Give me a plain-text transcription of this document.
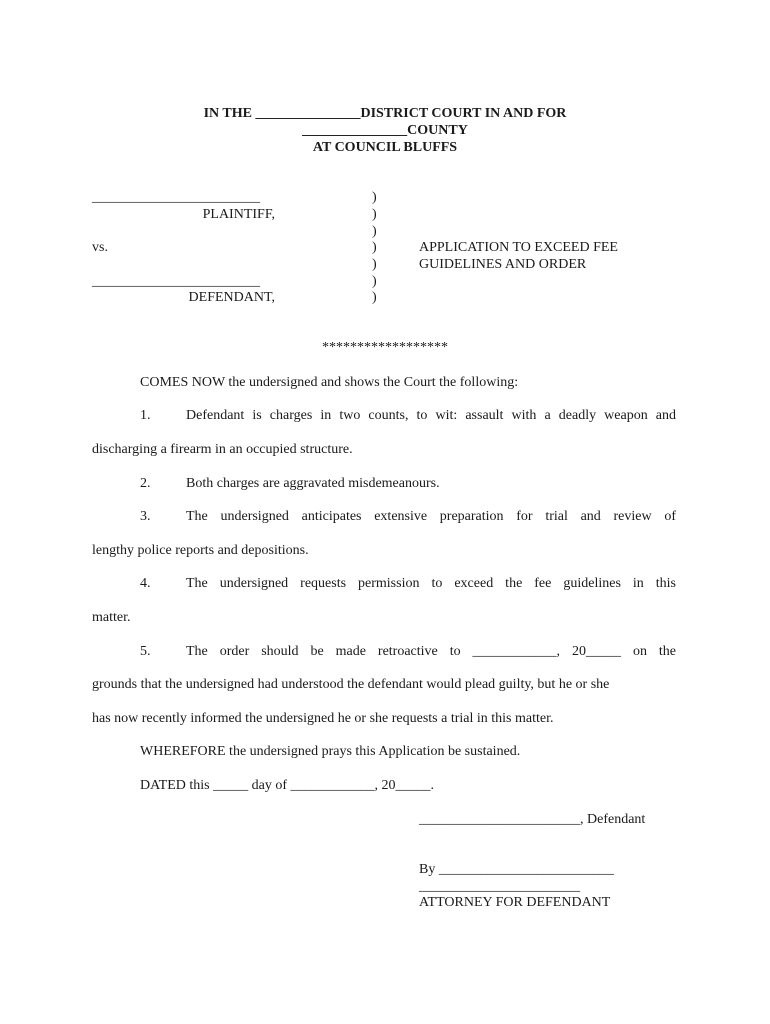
IN THE _______________DISTRICT COURT IN AND FOR
_______________COUNTY
AT COUNCIL BLUFFS
________________________
PLAINTIFF,
vs.
________________________
DEFENDANT,
)
)
)
)
)
)
)
APPLICATION TO EXCEED FEE
GUIDELINES AND ORDER
******************
COMES NOW the undersigned and shows the Court the following:
1.	Defendant is charges in two counts, to wit: assault with a deadly weapon and
discharging a firearm in an occupied structure.
2.	Both charges are aggravated misdemeanours.
3.	The undersigned anticipates extensive preparation for trial and review of
lengthy police reports and depositions.
4.	The undersigned requests permission to exceed the fee guidelines in this
matter.
5.	The order should be made retroactive to ____________, 20_____ on the
grounds that the undersigned had understood the defendant would plead guilty, but he or she
has now recently informed the undersigned he or she requests a trial in this matter.
WHEREFORE the undersigned prays this Application be sustained.
DATED this _____ day of ____________, 20_____.
_______________________, Defendant
By _________________________
_______________________
ATTORNEY FOR DEFENDANT
